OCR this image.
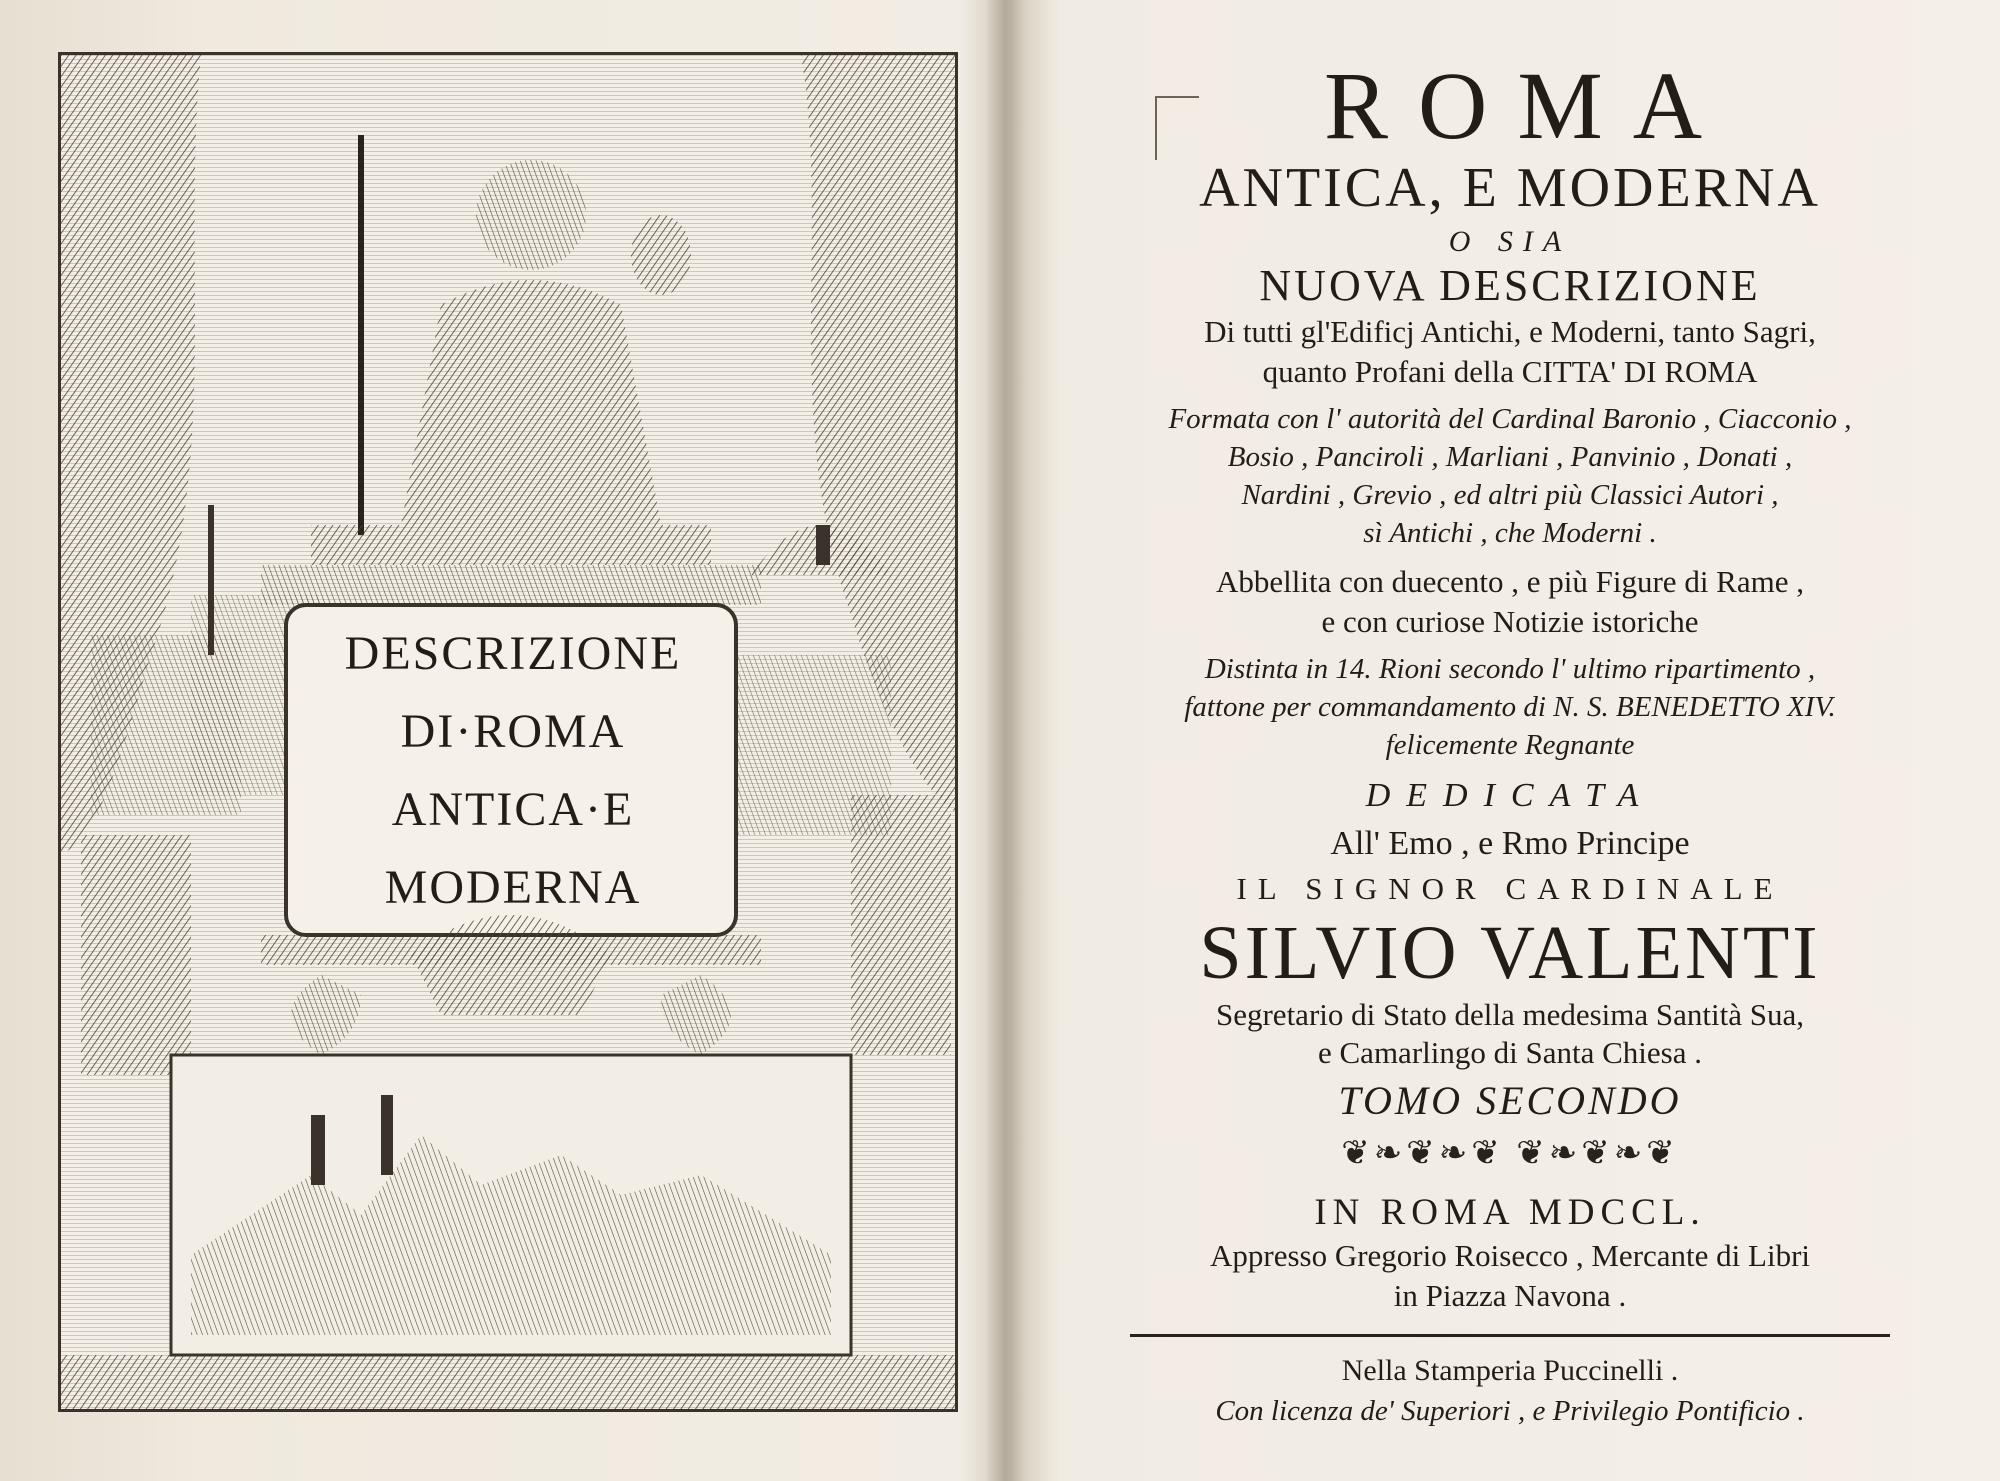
DESCRIZIONE
DI·ROMA
ANTICA·E
MODERNA
ROMA
ANTICA, E MODERNA
O SIA
NUOVA DESCRIZIONE
Di tutti gl'Edificj Antichi, e Moderni, tanto Sagri,
quanto Profani della CITTA' DI ROMA
Formata con l' autorità del Cardinal Baronio , Ciacconio ,
Bosio , Panciroli , Marliani , Panvinio , Donati ,
Nardini , Grevio , ed altri più Classici Autori ,
sì Antichi , che Moderni .
Abbellita con duecento , e più Figure di Rame ,
e con curiose Notizie istoriche
Distinta in 14. Rioni secondo l' ultimo ripartimento ,
fattone per commandamento di N. S. BENEDETTO XIV.
felicemente Regnante
DEDICATA
All' Emo , e Rmo Principe
IL SIGNOR CARDINALE
SILVIO VALENTI
Segretario di Stato della medesima Santità Sua,
e Camarlingo di Santa Chiesa .
TOMO SECONDO
❦❧❦❧❦ ❦❧❦❧❦
IN ROMA MDCCL.
Appresso Gregorio Roisecco , Mercante di Libri
in Piazza Navona .
Nella Stamperia Puccinelli .
Con licenza de' Superiori , e Privilegio Pontificio .
